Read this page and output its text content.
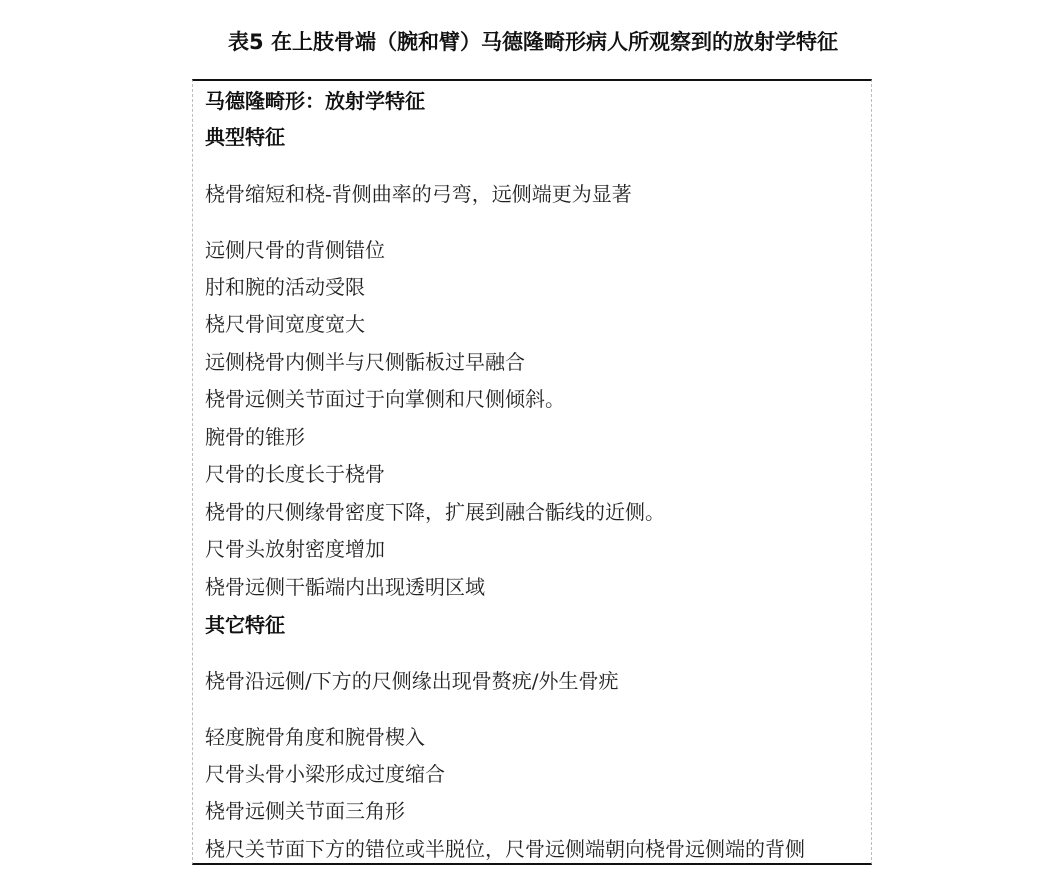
表5 在上肢骨端（腕和臂）马德隆畸形病人所观察到的放射学特征
马德隆畸形：放射学特征
典型特征
桡骨缩短和桡-背侧曲率的弓弯，远侧端更为显著
远侧尺骨的背侧错位
肘和腕的活动受限
桡尺骨间宽度宽大
远侧桡骨内侧半与尺侧骺板过早融合
桡骨远侧关节面过于向掌侧和尺侧倾斜。
腕骨的锥形
尺骨的长度长于桡骨
桡骨的尺侧缘骨密度下降，扩展到融合骺线的近侧。
尺骨头放射密度增加
桡骨远侧干骺端内出现透明区域
其它特征
桡骨沿远侧/下方的尺侧缘出现骨赘疣/外生骨疣
轻度腕骨角度和腕骨楔入
尺骨头骨小梁形成过度缩合
桡骨远侧关节面三角形
桡尺关节面下方的错位或半脱位，尺骨远侧端朝向桡骨远侧端的背侧
